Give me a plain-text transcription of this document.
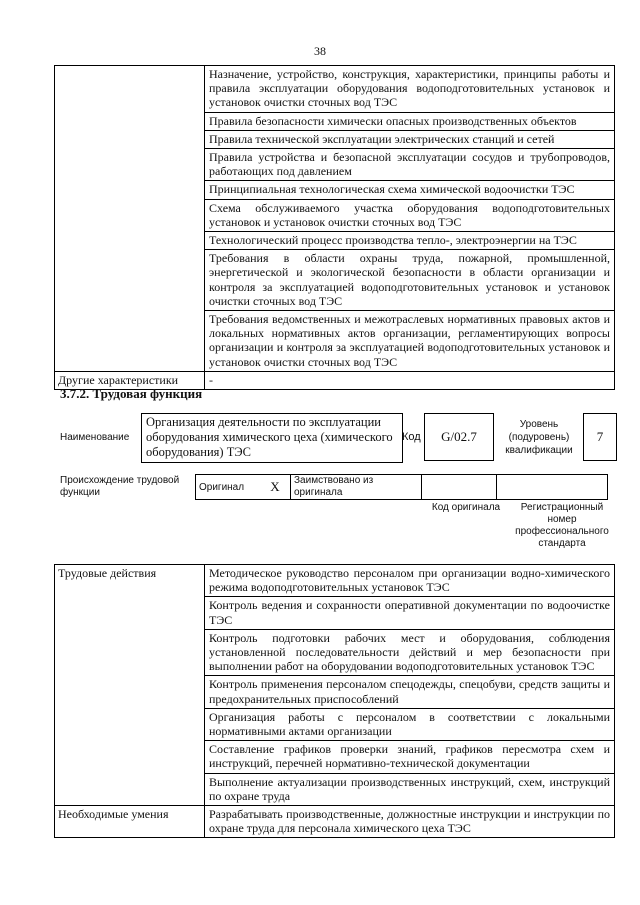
38
	Назначение, устройство, конструкция, характеристики, принципы работы и правила эксплуатации оборудования водоподготовительных установок и установок очистки сточных вод ТЭС
	Правила безопасности химически опасных производственных объектов
	Правила технической эксплуатации электрических станций и сетей
	Правила устройства и безопасной эксплуатации сосудов и трубопроводов, работающих под давлением
	Принципиальная технологическая схема химической водоочистки ТЭС
	Схема обслуживаемого участка оборудования водоподготовительных установок и установок очистки сточных вод ТЭС
	Технологический процесс производства тепло-, электроэнергии на ТЭС
	Требования в области охраны труда, пожарной, промышленной, энергетической и экологической безопасности в области организации и контроля за эксплуатацией водоподготовительных установок и установок очистки сточных вод ТЭС
	Требования ведомственных и межотраслевых нормативных правовых актов и локальных нормативных актов организации, регламентирующих вопросы организации и контроля за эксплуатацией водоподготовительных установок и установок очистки сточных вод ТЭС
Другие характеристики	-
3.7.2. Трудовая функция
Наименование
Организация деятельности по эксплуатации оборудования химического цеха (химического оборудования) ТЭС
Код	G/02.7
Уровень (подуровень) квалификации
7
Происхождение трудовой функции	Оригинал	X	Заимствовано из оригинала		
Код оригинала	Регистрационный номер профессионального стандарта
Трудовые действия	Методическое руководство персоналом при организации водно-химического режима водоподготовительных установок ТЭС
	Контроль ведения и сохранности оперативной документации по водоочистке ТЭС
	Контроль подготовки рабочих мест и оборудования, соблюдения установленной последовательности действий и мер безопасности при выполнении работ на оборудовании водоподготовительных установок ТЭС
	Контроль применения персоналом спецодежды, спецобуви, средств защиты и предохранительных приспособлений
	Организация работы с персоналом в соответствии с локальными нормативными актами организации
	Составление графиков проверки знаний, графиков пересмотра схем и инструкций, перечней нормативно-технической документации
	Выполнение актуализации производственных инструкций, схем, инструкций по охране труда
Необходимые умения	Разрабатывать производственные, должностные инструкции и инструкции по охране труда для персонала химического цеха ТЭС
